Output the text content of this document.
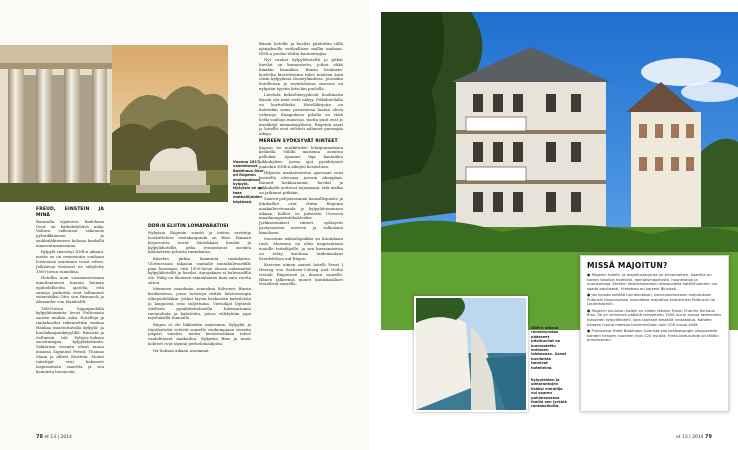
Vuonna 1817 valmistunut Badehaus Goor oli Rügenin ensimmäinen kylpylä. Nykyisin se on taas matkailijoiden käytössä.
FREUD, EINSTEIN JA MINÄ

Ramsalla sijaitseva Badehaus Goor on hätkähdyttävä näky. Valtava valkoinen rakennus pylväikköineen ja suihkulähteineen kohoaa keskellä maaseutumaisemaa.

Kylpylä ränsistyi DDR:n aikana, mutta se on remontoitu vanhaan loistoonsa muutama vuosi sitten. Julkisivua ilostuvat ne säilytetty 1800-luvun tunnelma.

Hotellin noin vastaanotossaan ainutlaatuisen tunnun hieman epätodelliselta ajatella, että samoja parkettia ovat tallanneet esimerkiksi Otto von Bismarck ja Alexander von Humboldt.

1800-luvun loppupuolella kylpylätoiminta levisi Putbusista saaren muihin osiin. Hotelleja ja rantahuvilat rakennettiin vanhaa Hankaa muistuttavalla kylpylä- ja huvilakaupunkityylillä. Binzistä ja Sellinistä tuli Pohjois-Saksan suosituimpia kylpyläkohteita. Vakituisia vieraita olivat muun muassa Sigmund Freud, Thomas Mann ja Albert Einstein. Monet taiteilijat ovat hakeneet inspiraatiota saarelta ja sen kauniista luonnosta.

DDR:N ELIITIN LOMAPARATIISI

Nykyisin Rügenin suurin ja eniten turisteja houkutteleva rantakaupunki on Binz. Rannan kirjavuutta toivat loistokkaat huvilat ja kylpylähotellit, jotka reunustavat useiden kilometrien pituista rantakatua.

Kävelen pitkin lämmintä rantakatua. Ulottuessani takaisin vanhalle rantabulevardille pian huomaan, että 1900-luvun alussa rakennetut kylpylähotellit ja huvilat. Autojakaan ei bulevardilla ole. Näky on ilmeisen samanlainen kuin sata vuotta sitten.

Menneen maailman tunnelma hälvenee Binzin keskustassa, jossa turisteja riittää kesäsesongin ulkopuolellakin. Jotkut täysin keskustan kahviloista ja kaupoista ovat suljettuina. Vierailijat löytävät edelleen pysäköintialueella lukemattomia ravintoloita ja kahviloita, joissa viihdytään jopa myöhäisillä tunneilla.

Rügen ei ole liikkeiden maisemaa. Kylpylät ja täysihoitolat vetävät saarelle vanhempiaan vieraita ympäri vuoden, mutta kesäsesonkina talvet vauhdittavat matkailua. Nykyisin Binz ja muut kohteet ovat täynnä perhelomailijoita.

Itä-Saksan aikaan useimmat

Binzin hotellit ja huvilat päätettiin tällä ajanjaksolla sotilaallisen mallin mukaan. DDR:n puolue-eliitin kuntouttajiin.

Nyt vanhat kylpylähotellit ja pitkät huvilat on kunnostettu, jotkut ehkä liiankin kauniiksi. Binzin keskusta-korttelia kiertelessäni tulee mieleen kuin olisin kylpylässä Disneylandissa. Joissakin hotelleissa ja ravintoloissa sisustus on nykyään tyystin kitschin puolella.

Lievästä kekseliäisyydestä huolimatta Binzin ohi niitä vielä näkyy. Pitkähuvilalla on korttelikoko. Hotellikirjoiin on kuitenkin sama perustavaa laatua oleva valintoja. Kampuksen pihalla on vielä hetki vanhoja muistoja, mutta puut ovat jo merkkejä menneisyydestä. Rügenin saari ja hotellit ovat selvästi nähneet parempia aikoja.

MEREEN SYÖKSYVÄT RINTEET

Kapeat tie mutkittelee lehtipuumetsien keskellä. Välillä maisema avautuu pelloiksi. Ajamme läpi kauniiden pikkukylien, joissa ajat pysähtyneet jonnekin DDR:n aikojen kesiestoon.

Hiljaista maalaisseutua ajaessani voisi kuvitella olevansa jossain idempänä. Kauniit hiekkarannat, huvilat ja pikkukylät auttavat tajuamaan, että matka on jatkunut pitkään.

Saaren pohjoisrannan kansallispuisto ja liitukalliot ovat eliitin Rügenin matkailuvetonaula jo kylpylätoiminnan aikaan. Kalliot on julistettu Unescon maailmanperintökohteeksi. Jyrkkäseinäiset rinteet syöksyvät pystysuorina mereen ja valkoisina kimaltaen.

Suosituin näköalapaikka on Kuninkaan tuoli. Maisema on ollut inspiraationa monille taiteilijoille, ja sen kuvaamisesta on tehty kuuluisa taidemaalaus Kreidefelsen auf Rügen.

Kreivien nimen saanut hotelli Ernst I Herzog von Sachsen-Coburg und Gotha vieraili Rügenissä ja ihastui saarelle. Hänen jälkeensä monet kuninkaalliset vierailivat saarella.

78 et 13 | 2014
DDR:n aikana ränsistymään päässeet pitsihuvilat on kunnostettu entiseen loistoonsa. Useat huviloista toimivat hotelleina.
Kylpylöiden ja uimarantojen lisäksi vierailija voi saaren pohjoisosassa ihailla sen jyrkkiä rantakallioita.
MISSÄ MAJOITUN?
● Rügenin hotelli- ja majoitustarjonta on erinomainen. Saarella on kaiken tasoisia hotelleja, aamiaismajoitusta, huoneistoja ja nuorisomaja. Etenkin keskikaukaisten ulkopuolella hotellihuoneen voi saada edullisesti. Hintataso on korkein Binzissä.
● Jos haluaa viettää tunnelmaisen, karnevaalimaisen majoituksen Putbusin kaupungissa, kannattaa majoittua esimerkiksi Putbusiin tai Lauterbachiin.
● Rügenin kuuluisin hotelli on viiden tähden Travel Charme Kurhaus Binz. Se on viimeisen pääallä remontoitu 1900-luvun alussa rakennettu klassinen kylpylähotelli, joka sijaitsee keskellä rantakatua. Kahden hengen huone maksaa halvimmillaan noin 200 euroa yöltä.
● Putbusissa Hotel Badehaus Goorista saa kesäsesongin ulkopuolella kahden hengen huoneen noin 120 eurolla. Hinta-laatusuhde on tällöin erinomainen.
et 13 | 2014 79
